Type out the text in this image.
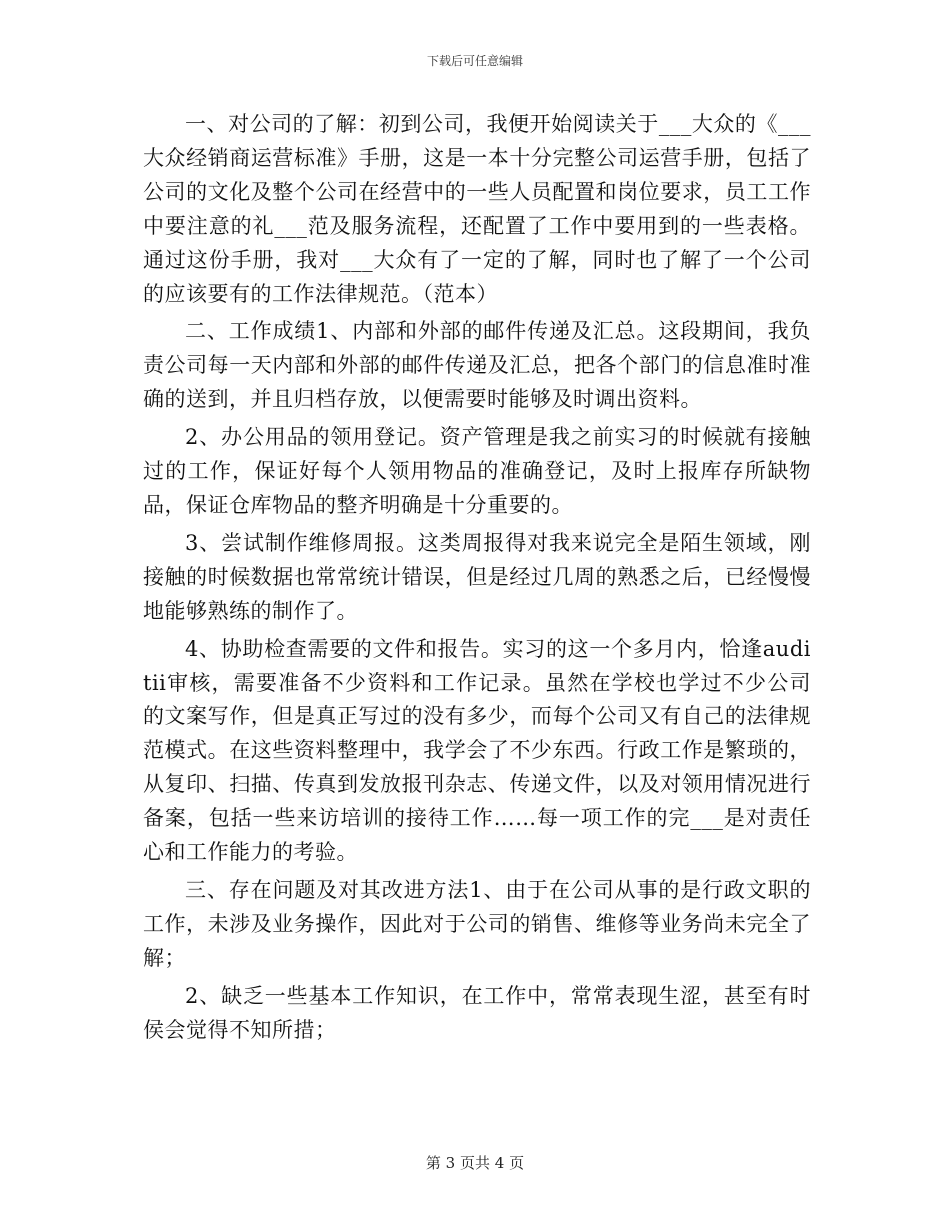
下载后可任意编辑

一、对公司的了解：初到公司，我便开始阅读关于___大众的《___大众经销商运营标准》手册，这是一本十分完整公司运营手册，包括了公司的文化及整个公司在经营中的一些人员配置和岗位要求，员工工作中要注意的礼___范及服务流程，还配置了工作中要用到的一些表格。通过这份手册，我对___大众有了一定的了解，同时也了解了一个公司的应该要有的工作法律规范。（范本）

二、工作成绩1、内部和外部的邮件传递及汇总。这段期间，我负责公司每一天内部和外部的邮件传递及汇总，把各个部门的信息准时准确的送到，并且归档存放，以便需要时能够及时调出资料。

2、办公用品的领用登记。资产管理是我之前实习的时候就有接触过的工作，保证好每个人领用物品的准确登记，及时上报库存所缺物品，保证仓库物品的整齐明确是十分重要的。

3、尝试制作维修周报。这类周报得对我来说完全是陌生领域，刚接触的时候数据也常常统计错误，但是经过几周的熟悉之后，已经慢慢地能够熟练的制作了。

4、协助检查需要的文件和报告。实习的这一个多月内，恰逢auditii审核，需要准备不少资料和工作记录。虽然在学校也学过不少公司的文案写作，但是真正写过的没有多少，而每个公司又有自己的法律规范模式。在这些资料整理中，我学会了不少东西。行政工作是繁琐的，从复印、扫描、传真到发放报刊杂志、传递文件，以及对领用情况进行备案，包括一些来访培训的接待工作……每一项工作的完___是对责任心和工作能力的考验。

三、存在问题及对其改进方法1、由于在公司从事的是行政文职的工作，未涉及业务操作，因此对于公司的销售、维修等业务尚未完全了解；

2、缺乏一些基本工作知识，在工作中，常常表现生涩，甚至有时侯会觉得不知所措；

第 3 页共 4 页
